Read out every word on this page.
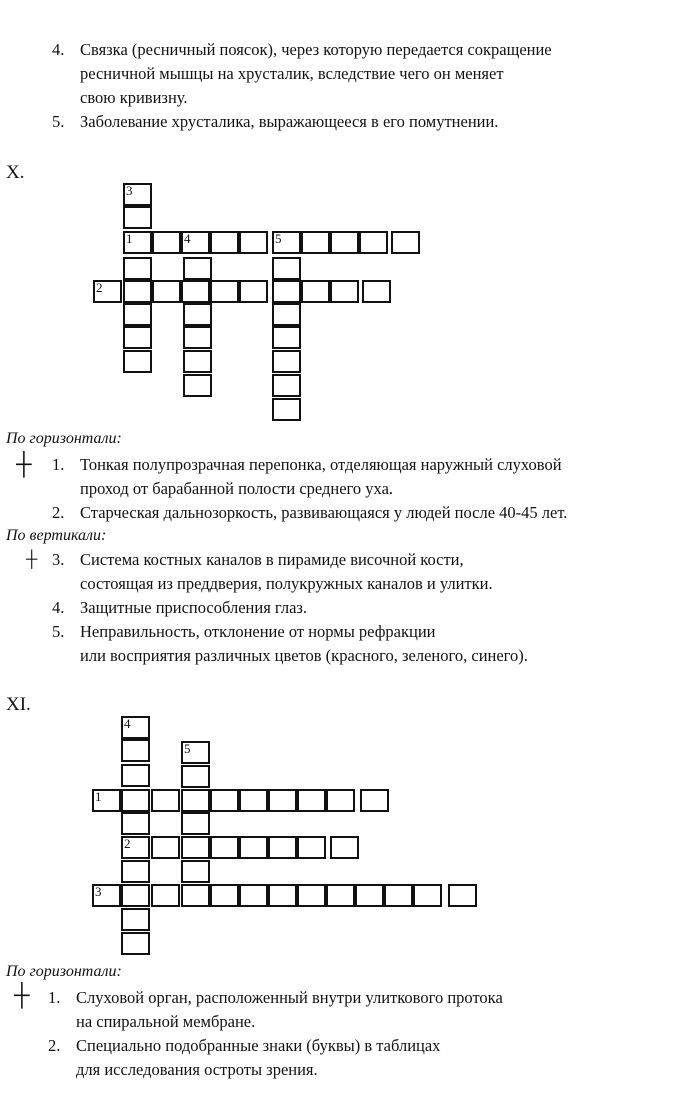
4. Связка (ресничный поясок), через которую передается сокращение
ресничной мышцы на хрусталик, вследствие чего он меняет
свою кривизну.
5. Заболевание хрусталика, выражающееся в его помутнении.
X.
3
1	4	5
2
По горизонтали:
┼ 1. Тонкая полупрозрачная перепонка, отделяющая наружный слуховой
проход от барабанной полости среднего уха.
2. Старческая дальнозоркость, развивающаяся у людей после 40-45 лет.
По вертикали:
┼ 3. Система костных каналов в пирамиде височной кости,
состоящая из преддверия, полукружных каналов и улитки.
4. Защитные приспособления глаз.
5. Неправильность, отклонение от нормы рефракции
или восприятия различных цветов (красного, зеленого, синего).
XI.
4
5
1
2
3
По горизонтали:
┼ 1. Слуховой орган, расположенный внутри улиткового протока
на спиральной мембране.
2. Специально подобранные знаки (буквы) в таблицах
для исследования остроты зрения.
